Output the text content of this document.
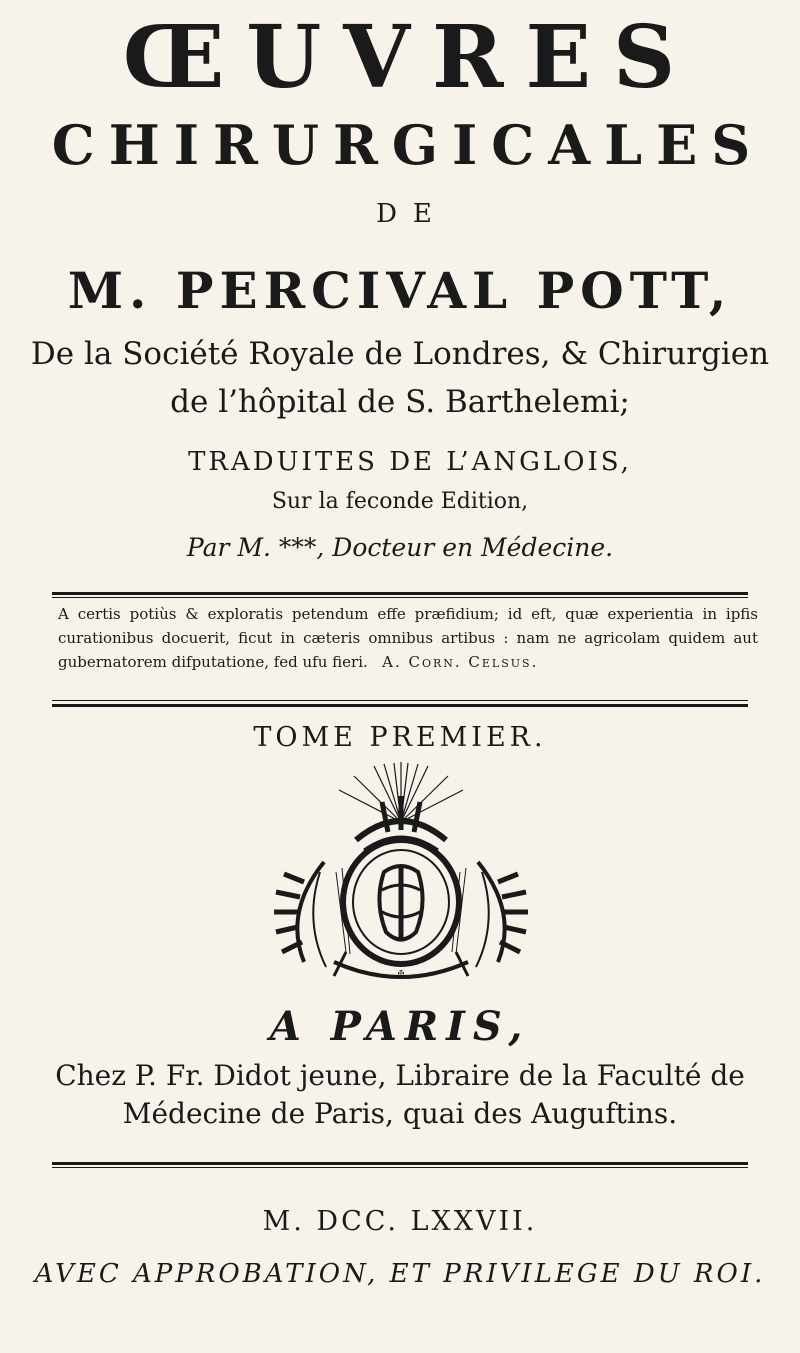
ŒUVRES
CHIRURGICALES
DE
M. PERCIVAL POTT,
De la Société Royale de Londres, & Chirurgien
de l’hôpital de S. Barthelemi;
TRADUITES DE L’ANGLOIS,
Sur la feconde Edition,
Par M. ***, Docteur en Médecine.
A certis potiùs & exploratis petendum effe præfidium; id eft, quæ experientia in ipfis curationibus docuerit, ficut in cæteris omnibus artibus : nam ne agricolam quidem aut gubernatorem difputatione, fed ufu fieri. A. Corn. Celsus.
TOME PREMIER.
✠
A PARIS,
Chez P. Fr. Didot jeune, Libraire de la Faculté de
Médecine de Paris, quai des Auguftins.
M. DCC. LXXVII.
AVEC APPROBATION, ET PRIVILEGE DU ROI.
